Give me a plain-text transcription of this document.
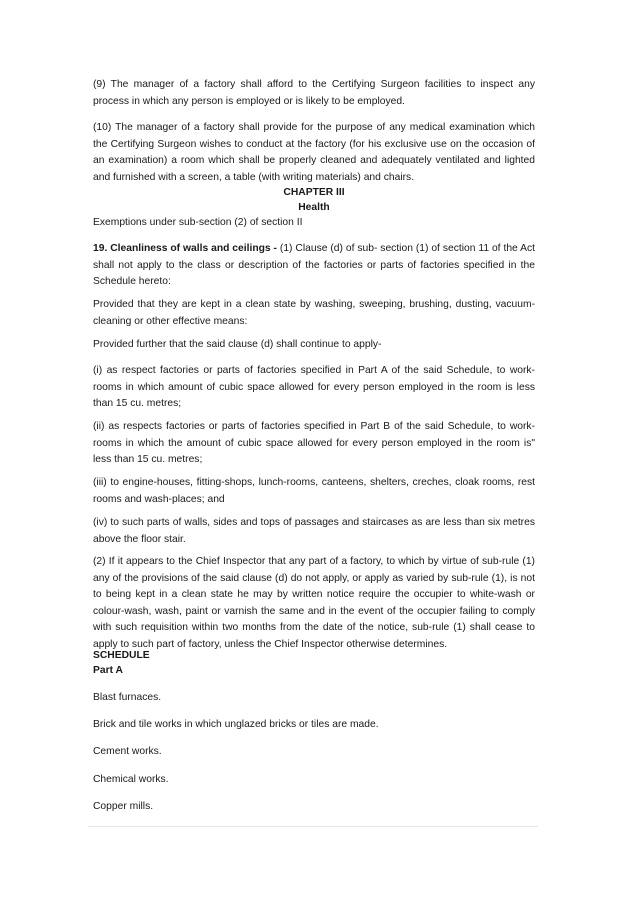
(9) The manager of a factory shall afford to the Certifying Surgeon facilities to inspect any process in which any person is employed or is likely to be employed.

(10) The manager of a factory shall provide for the purpose of any medical examination which the Certifying Surgeon wishes to conduct at the factory (for his exclusive use on the occasion of an examination) a room which shall be properly cleaned and adequately ventilated and lighted and furnished with a screen, a table (with writing materials) and chairs.

CHAPTER III

Health

Exemptions under sub-section (2) of section II

19. Cleanliness of walls and ceilings - (1) Clause (d) of sub- section (1) of section 11 of the Act shall not apply to the class or description of the factories or parts of factories specified in the Schedule hereto:

Provided that they are kept in a clean state by washing, sweeping, brushing, dusting, vacuum-cleaning or other effective means:

Provided further that the said clause (d) shall continue to apply-

(i) as respect factories or parts of factories specified in Part A of the said Schedule, to work-rooms in which amount of cubic space allowed for every person employed in the room is less than 15 cu. metres;

(ii) as respects factories or parts of factories specified in Part B of the said Schedule, to work-rooms in which the amount of cubic space allowed for every person employed in the room is" less than 15 cu. metres;

(iii) to engine-houses, fitting-shops, lunch-rooms, canteens, shelters, creches, cloak rooms, rest rooms and wash-places; and

(iv) to such parts of walls, sides and tops of passages and staircases as are less than six metres above the floor stair.

(2) If it appears to the Chief Inspector that any part of a factory, to which by virtue of sub-rule (1) any of the provisions of the said clause (d) do not apply, or apply as varied by sub-rule (1), is not to being kept in a clean state he may by written notice require the occupier to white-wash or colour-wash, wash, paint or varnish the same and in the event of the occupier failing to comply with such requisition within two months from the date of the notice, sub-rule (1) shall cease to apply to such part of factory, unless the Chief Inspector otherwise determines.

SCHEDULE

Part A

Blast furnaces.

Brick and tile works in which unglazed bricks or tiles are made.

Cement works.

Chemical works.

Copper mills.
